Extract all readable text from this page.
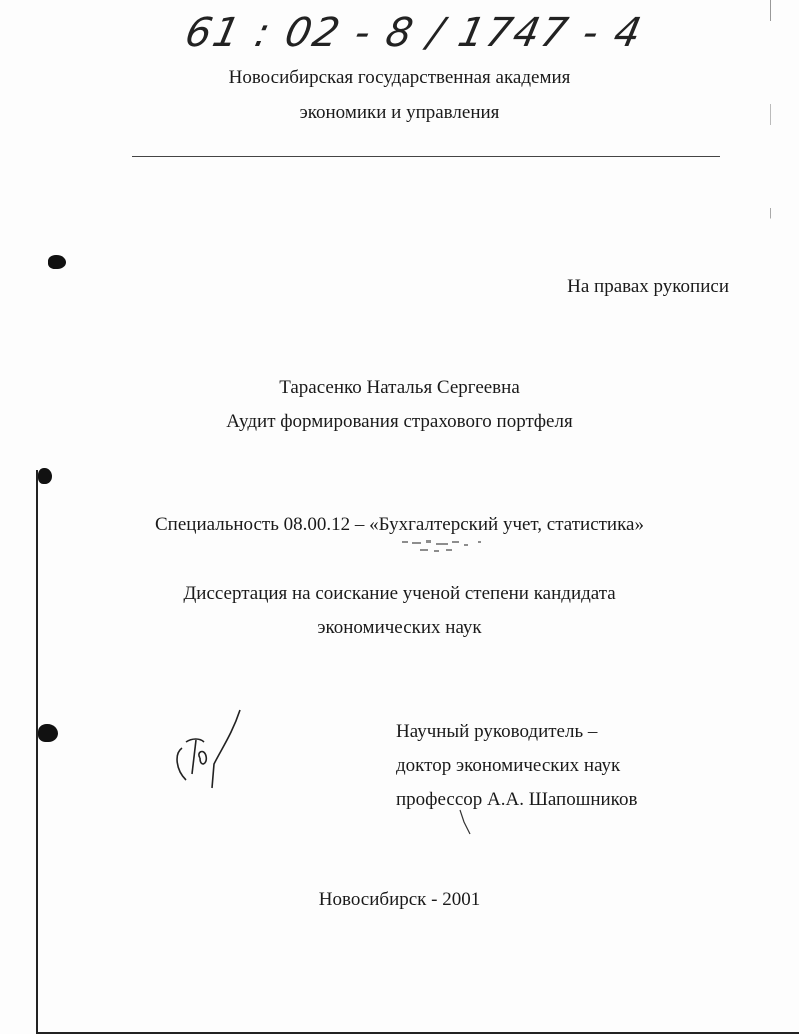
61 : 02 - 8 / 1747 - 4
Новосибирская государственная академия
экономики и управления
На правах рукописи
Тарасенко Наталья Сергеевна
Аудит формирования страхового портфеля
Специальность 08.00.12 – «Бухгалтерский учет, статистика»
Диссертация на соискание ученой степени кандидата
экономических наук
Научный руководитель –
доктор экономических наук
профессор А.А. Шапошников
Новосибирск - 2001
